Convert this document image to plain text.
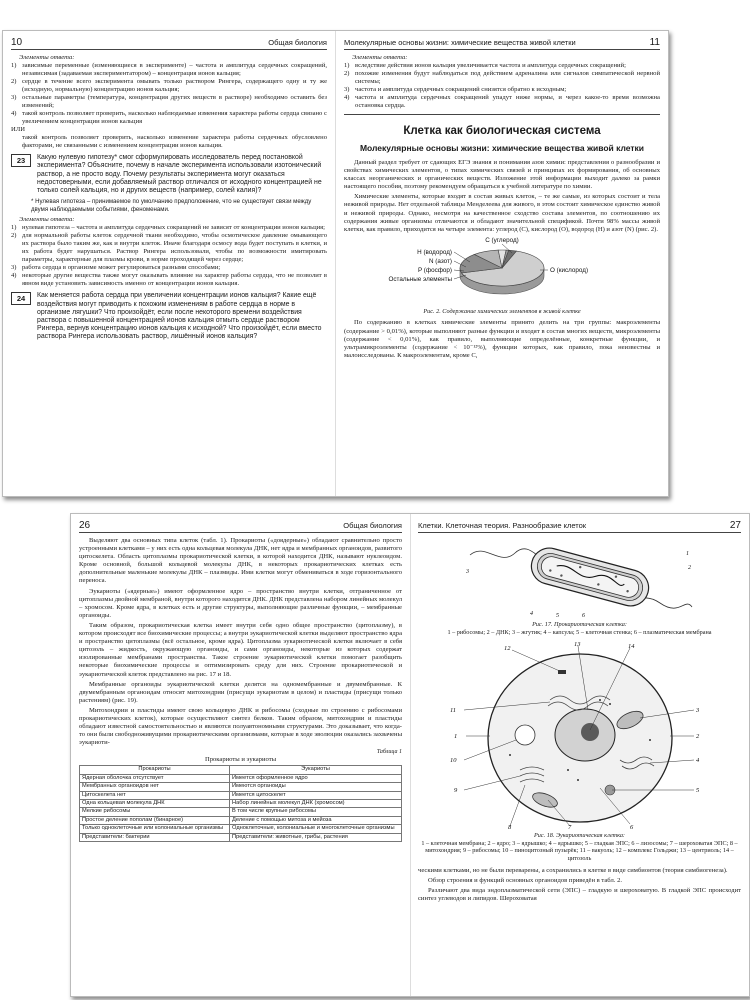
10	Общая биология
Элементы ответа:
1) зависимые переменные (изменяющиеся в эксперименте) – частота и амплитуда сердечных сокращений, независимая (задаваемая экспериментатором) – концентрация ионов кальция;
2) сердце в течение всего эксперимента омывать только раствором Рингера, содержащего одну и ту же (исходную, нормальную) концентрацию ионов кальция;
3) остальные параметры (температура, концентрация других веществ в растворе) необходимо оставить без изменений;
4) такой контроль позволяет проверить, насколько наблюдаемые изменения характера работы сердца связано с увеличением концентрации ионов кальция
ИЛИ
такой контроль позволяет проверить, насколько изменение характера работы сердечных обусловлено факторами, не связанными с изменением концентрации ионов кальция.
23	Какую нулевую гипотезу* смог сформулировать исследователь перед постановкой эксперимента? Объясните, почему в начале эксперимента использовали изотонический раствор, а не просто воду. Почему результаты эксперимента могут оказаться недостоверными, если добавляемый раствор отличался от исходного концентрацией не только солей кальция, но и других веществ (например, солей калия)?
* Нулевая гипотеза – принимаемое по умолчанию предположение, что не существует связи между двумя наблюдаемыми событиями, феноменами.
Элементы ответа:
1) нулевая гипотеза – частота и амплитуда сердечных сокращений не зависят от концентрации ионов кальция;
2) для нормальной работы клеток сердечной ткани необходимо, чтобы осмотическое давление омывающего их раствора было таким же, как и внутри клеток. Иначе благодаря осмосу вода будет поступать в клетки, и их работа будет нарушаться. Раствор Рингера использовали, чтобы по возможности имитировать параметры, характерные для плазмы крови, в норме проходящей через сердце;
3) работа сердца в организме может регулироваться разными способами;
4) некоторые другие вещества также могут оказывать влияние на характер работы сердца, что не позволит в явном виде установить зависимость именно от концентрации ионов кальция.
24	Как меняется работа сердца при увеличении концентрации ионов кальция? Какие ещё воздействия могут приводить к похожим изменениям в работе сердца в норме в организме лягушки? Что произойдёт, если после некоторого времени воздействия раствора с повышенной концентрацией ионов кальция отмыть сердце раствором Рингера, вернув концентрацию ионов кальция к исходной? Что произойдёт, если вместо раствора Рингера использовать раствор, лишённый ионов кальция?
Молекулярные основы жизни: химические вещества живой клетки	11
Элементы ответа:
1) вследствие действия ионов кальция увеличивается частота и амплитуда сердечных сокращений;
2) похожие изменения будут наблюдаться под действием адреналина или сигналов симпатической нервной системы;
3) частота и амплитуда сердечных сокращений снизятся обратно к исходным;
4) частота и амплитуда сердечных сокращений упадут ниже нормы, и через какое-то время возможна остановка сердца.
Клетка как биологическая система
Молекулярные основы жизни: химические вещества живой клетки

Данный раздел требует от сдающих ЕГЭ знания и понимания азов химии: представления о разнообразии и свойствах химических элементов, о типах химических связей и принципах их формирования, об основных классах неорганических и органических веществ. Изложение этой информации выходит далеко за рамки настоящего пособия, поэтому рекомендуем обращаться к учебной литературе по химии.

Химические элементы, которые входят в состав живых клеток, – те же самые, из которых состоит и тела неживой природы. Нет отдельной таблицы Менделеева для живого, в этом состоит химическое единство живой и неживой природы. Однако, несмотря на качественное сходство состава элементов, по соотношению их содержания живые организмы отличаются и обладают значительной спецификой. Почти 98% массы живой клетки, как правило, приходится на четыре элемента: углерод (С), кислород (О), водород (Н) и азот (N) (рис. 2).

O (кислород)
С (углерод)
H (водород)
N (азот)
P (фосфор)
Остальные элементы
Рис. 2. Содержание химических элементов в живой клетке

По содержанию в клетках химические элементы принято делить на три группы: макроэлементы (содержание > 0,01%), которые выполняют разные функции и входят в состав многих веществ, микроэлементы (содержание < 0,01%), как правило, выполняющие определённые, конкретные функции, и ультрамикроэлементы (содержание < 10⁻¹²%), функции которых, как правило, пока неизвестны и малоисследованы. К макроэлементам, кроме С,

26	Общая биология

Выделяют два основных типа клеток (табл. 1). Прокариоты («доядерные») обладают сравнительно просто устроенными клетками – у них есть одна кольцевая молекула ДНК, нет ядра и мембранных органоидов, развитого цитоскелета. Область цитоплазмы прокариотической клетки, в которой находится ДНК, называют нуклеоидом. Кроме основной, большой кольцевой молекулы ДНК, в некоторых прокариотических клетках есть дополнительные маленькие молекулы ДНК – плазмиды. Ими клетки могут обмениваться в ходе горизонтального переноса.

Эукариоты («ядерные») имеют оформленное ядро – пространство внутри клетки, отграниченное от цитоплазмы двойной мембраной, внутри которого находится ДНК. ДНК представлена набором линейных молекул – хромосом. Кроме ядра, в клетках есть и другие структуры, выполняющие различные функции, – мембранные органоиды.

Таким образом, прокариотическая клетка имеет внутри себя одно общее пространство (цитоплазму), в котором происходят все биохимические процессы; а внутри эукариотической клетки выделяют пространство ядра и пространство цитоплазмы (всё остальное, кроме ядра). Цитоплазма эукариотической клетки включает в себя цитозоль – жидкость, окружающую органоиды, и сами органоиды, некоторые из которых содержат изолированные мембранами пространства. Такое строение эукариотической клетки помогает разобщить некоторые биохимические процессы и оптимизировать среду для них. Строение прокариотической и эукариотической клеток представлено на рис. 17 и 18.

Мембранные органоиды эукариотической клетки делятся на одномембранные и двумембранные. К двумембранным органоидам относят митохондрии (присущи эукариотам в целом) и пластиды (присущи только растениям) (рис. 19).

Митохондрии и пластиды имеют свою кольцевую ДНК и рибосомы (сходные по строению с рибосомами прокариотических клеток), которые осуществляют синтез белков. Таким образом, митохондрии и пластиды обладают известной самостоятельностью и являются полуавтономными структурами. Это доказывает, что когда-то они были свободноживущими прокариотическими организмами, которые в ходе эволюции оказались захвачены эукариоти-

Таблица 1
Прокариоты и эукариоты
Прокариоты	Эукариоты
Ядерная оболочка отсутствует	Имеется оформленное ядро
Мембранных органоидов нет	Имеются органоиды
Цитоскелета нет	Имеется цитоскелет
Одна кольцевая молекула ДНК	Набор линейных молекул ДНК (хромосом)
Мелкие рибосомы	В том числе крупные рибосомы
Простое деление пополам (бинарное)	Деление с помощью митоза и мейоза
Только одноклеточные или колониальные организмы	Одноклеточные, колониальные и многоклеточные организмы
Представители: бактерии	Представители: животные, грибы, растения
Клетки. Клеточная теория. Разнообразие клеток	27
1
2
3
4	5	6
Рис. 17. Прокариотическая клетка:
1 – рибосомы; 2 – ДНК; 3 – жгутик; 4 – капсула; 5 – клеточная стенка; 6 – плазматическая мембрана
1	2
3
4
5
6
7
8
9
10
11
12
13	14
Рис. 18. Эукариотическая клетка:
1 – клеточная мембрана; 2 – ядро; 3 – ядрышко; 4 – ядрышко; 5 – гладкая ЭПС; 6 – лизосомы; 7 – шероховатая ЭПС; 8 – митохондрия; 9 – рибосомы; 10 – пиноцитозный пузырёк; 11 – вакуоль; 12 – комплекс Гольджи; 13 – центриоль; 14 – цитозоль

ческими клетками, но не были переварены, а сохранились в клетке в виде симбионтов (теория симбиогенеза).

Обзор строения и функций основных органоидов приведён в табл. 2.

Различают два вида эндоплазматической сети (ЭПС) – гладкую и шероховатую. В гладкой ЭПС происходит синтез углеводов и липидов. Шероховатая
